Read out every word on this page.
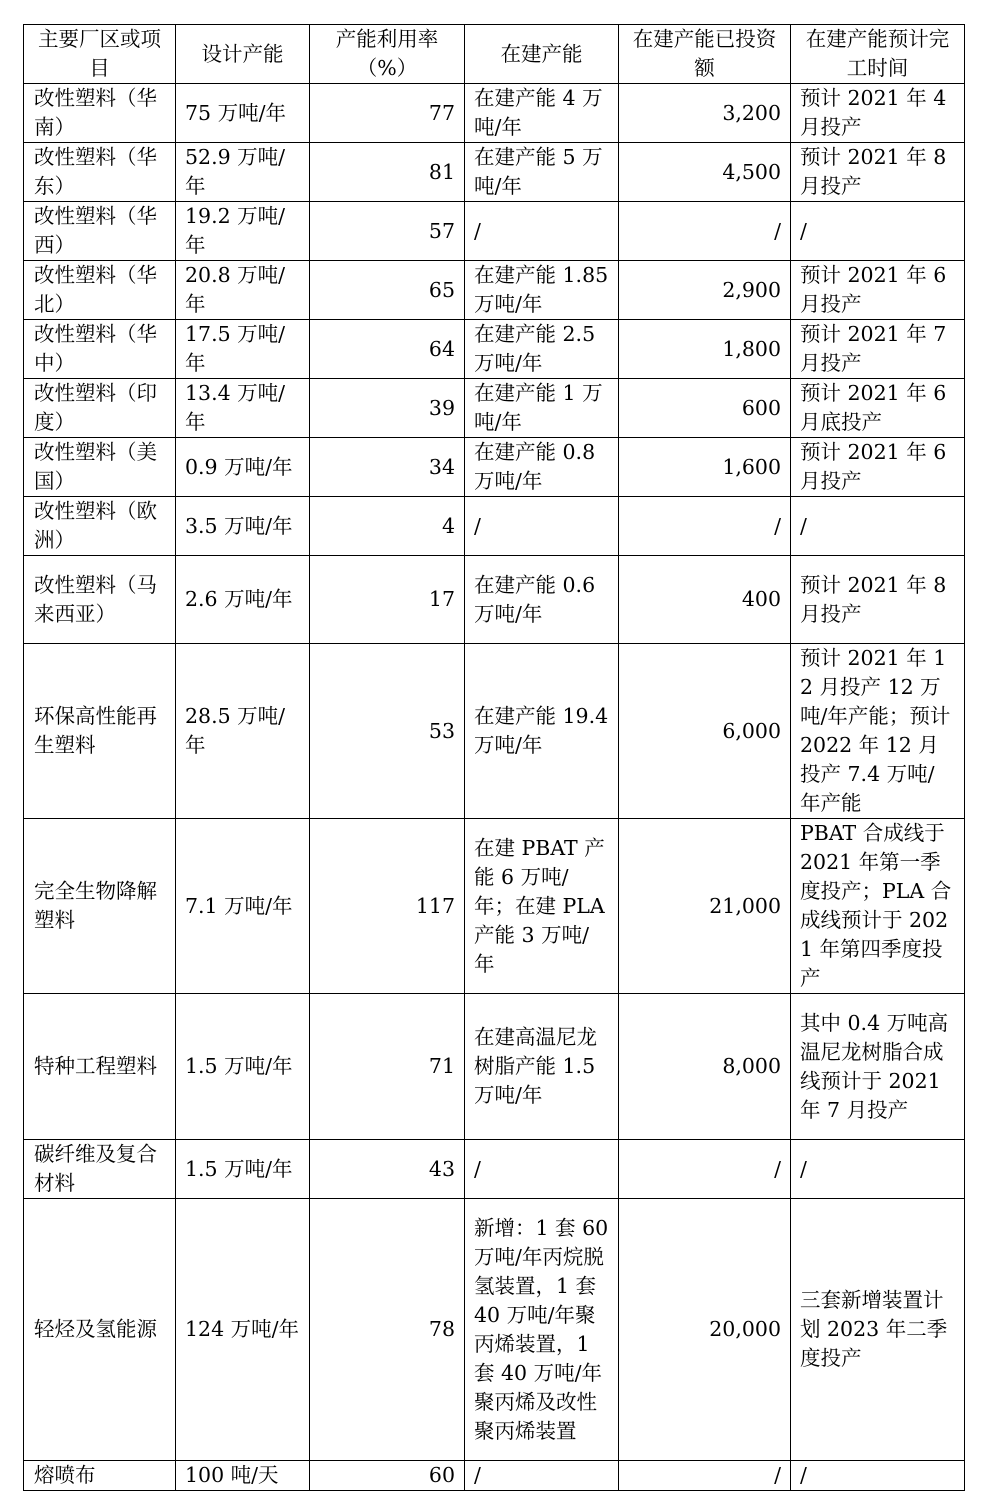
主要厂区或项目	设计产能	产能利用率（%）	在建产能	在建产能已投资额	在建产能预计完工时间
改性塑料（华南）	75 万吨/年	77	在建产能 4 万吨/年	3,200	预计 2021 年 4 月投产
改性塑料（华东）	52.9 万吨/年	81	在建产能 5 万吨/年	4,500	预计 2021 年 8 月投产
改性塑料（华西）	19.2 万吨/年	57	/	/	/
改性塑料（华北）	20.8 万吨/年	65	在建产能 1.85 万吨/年	2,900	预计 2021 年 6 月投产
改性塑料（华中）	17.5 万吨/年	64	在建产能 2.5 万吨/年	1,800	预计 2021 年 7 月投产
改性塑料（印度）	13.4 万吨/年	39	在建产能 1 万吨/年	600	预计 2021 年 6 月底投产
改性塑料（美国）	0.9 万吨/年	34	在建产能 0.8 万吨/年	1,600	预计 2021 年 6 月投产
改性塑料（欧洲）	3.5 万吨/年	4	/	/	/
改性塑料（马来西亚）	2.6 万吨/年	17	在建产能 0.6 万吨/年	400	预计 2021 年 8 月投产
环保高性能再生塑料	28.5 万吨/年	53	在建产能 19.4 万吨/年	6,000	预计 2021 年 12 月投产 12 万吨/年产能；预计 2022 年 12 月投产 7.4 万吨/年产能
完全生物降解塑料	7.1 万吨/年	117	在建 PBAT 产能 6 万吨/年；在建 PLA 产能 3 万吨/年	21,000	PBAT 合成线于 2021 年第一季度投产；PLA 合成线预计于 2021 年第四季度投产
特种工程塑料	1.5 万吨/年	71	在建高温尼龙树脂产能 1.5 万吨/年	8,000	其中 0.4 万吨高温尼龙树脂合成线预计于 2021 年 7 月投产
碳纤维及复合材料	1.5 万吨/年	43	/	/	/
轻烃及氢能源	124 万吨/年	78	新增：1 套 60 万吨/年丙烷脱氢装置，1 套 40 万吨/年聚丙烯装置，1 套 40 万吨/年聚丙烯及改性聚丙烯装置	20,000	三套新增装置计划 2023 年二季度投产
熔喷布	100 吨/天	60	/	/	/
